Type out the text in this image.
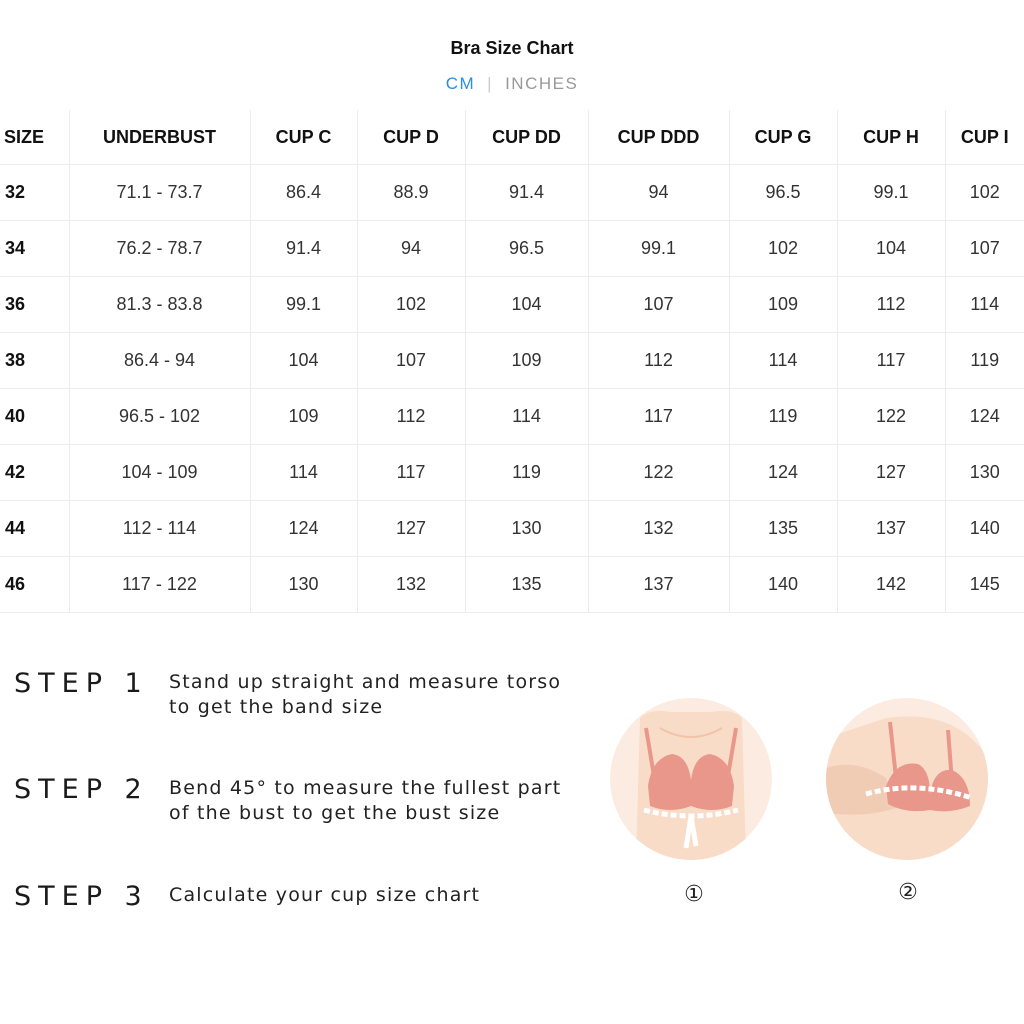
Bra Size Chart
CM | INCHES
SIZE	UNDERBUST	CUP C	CUP D	CUP DD	CUP DDD	CUP G	CUP H	CUP I
32	71.1 - 73.7	86.4	88.9	91.4	94	96.5	99.1	102
34	76.2 - 78.7	91.4	94	96.5	99.1	102	104	107
36	81.3 - 83.8	99.1	102	104	107	109	112	114
38	86.4 - 94	104	107	109	112	114	117	119
40	96.5 - 102	109	112	114	117	119	122	124
42	104 - 109	114	117	119	122	124	127	130
44	112 - 114	124	127	130	132	135	137	140
46	117 - 122	130	132	135	137	140	142	145
STEP 1 Stand up straight and measure torso to get the band size
STEP 2 Bend 45° to measure the fullest part of the bust to get the bust size
STEP 3 Calculate your cup size chart	①	②
